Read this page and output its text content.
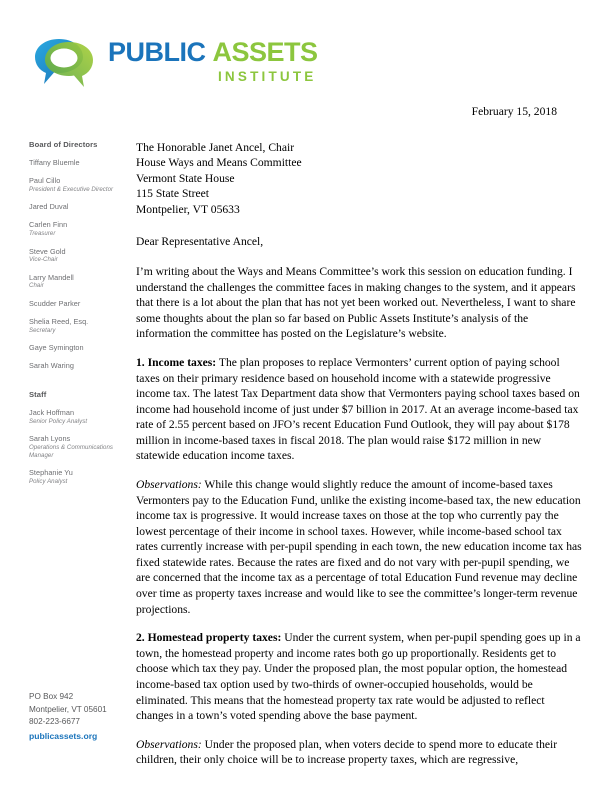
PUBLIC ASSETS
INSTITUTE
Board of Directors
Tiffany Bluemle
Paul Cillo
President & Executive Director
Jared Duval
Carlen Finn
Treasurer
Steve Gold
Vice-Chair
Larry Mandell
Chair
Scudder Parker
Shelia Reed, Esq.
Secretary
Gaye Symington
Sarah Waring
Staff
Jack Hoffman
Senior Policy Analyst
Sarah Lyons
Operations & Communications Manager
Stephanie Yu
Policy Analyst
PO Box 942
Montpelier, VT 05601
802-223-6677
publicassets.org
February 15, 2018
The Honorable Janet Ancel, Chair
House Ways and Means Committee
Vermont State House
115 State Street
Montpelier, VT 05633
Dear Representative Ancel,

I’m writing about the Ways and Means Committee’s work this session on education funding. I understand the challenges the committee faces in making changes to the system, and it appears that there is a lot about the plan that has not yet been worked out. Nevertheless, I want to share some thoughts about the plan so far based on Public Assets Institute’s analysis of the information the committee has posted on the Legislature’s website.

1. Income taxes: The plan proposes to replace Vermonters’ current option of paying school taxes on their primary residence based on household income with a statewide progressive income tax. The latest Tax Department data show that Vermonters paying school taxes based on income had household income of just under $7 billion in 2017. At an average income-based tax rate of 2.55 percent based on JFO’s recent Education Fund Outlook, they will pay about $178 million in income-based taxes in fiscal 2018. The plan would raise $172 million in new statewide education income taxes.

Observations: While this change would slightly reduce the amount of income-based taxes Vermonters pay to the Education Fund, unlike the existing income-based tax, the new education income tax is progressive. It would increase taxes on those at the top who currently pay the lowest percentage of their income in school taxes. However, while income-based school tax rates currently increase with per-pupil spending in each town, the new education income tax has fixed statewide rates. Because the rates are fixed and do not vary with per-pupil spending, we are concerned that the income tax as a percentage of total Education Fund revenue may decline over time as property taxes increase and would like to see the committee’s longer-term revenue projections.

2. Homestead property taxes: Under the current system, when per-pupil spending goes up in a town, the homestead property and income rates both go up proportionally. Residents get to choose which tax they pay. Under the proposed plan, the most popular option, the homestead income-based tax option used by two-thirds of owner-occupied households, would be eliminated. This means that the homestead property tax rate would be adjusted to reflect changes in a town’s voted spending above the base payment.

Observations: Under the proposed plan, when voters decide to spend more to educate their children, their only choice will be to increase property taxes, which are regressive,
